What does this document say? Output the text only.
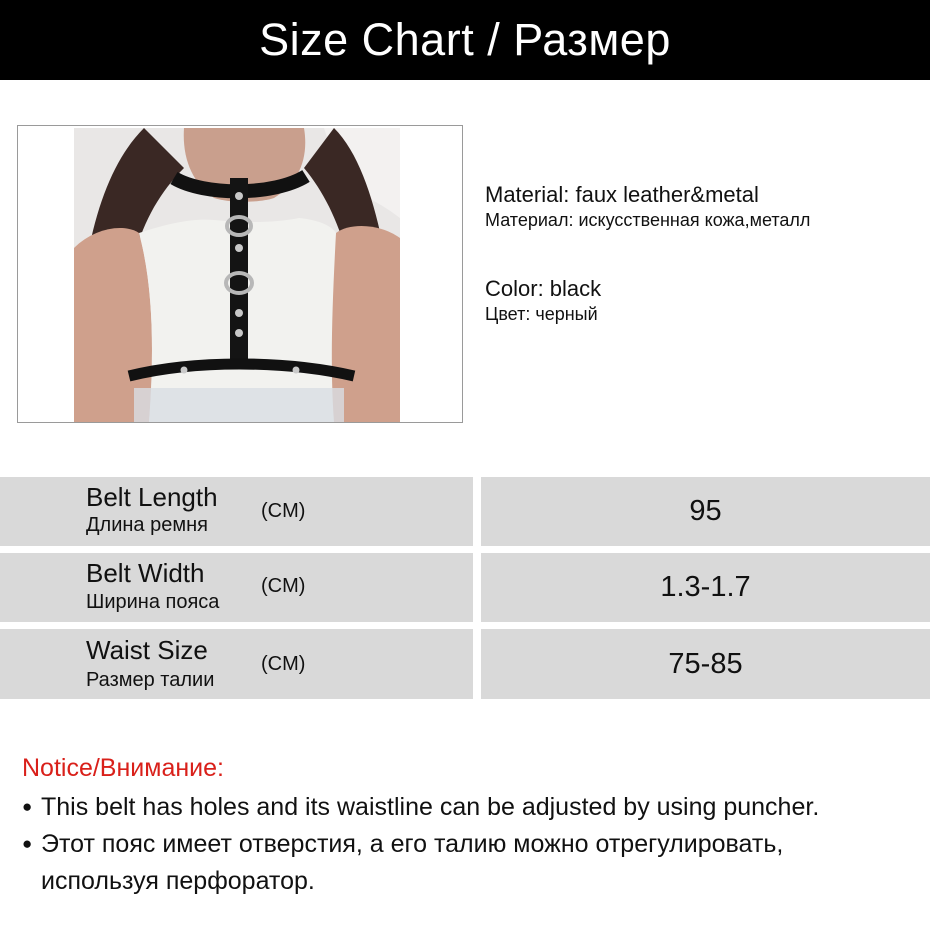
Size Chart / Размер
Material: faux leather&metal
Материал: искусственная кожа,металл
Color: black
Цвет: черный
Belt Length
Длина ремня
(CM)	95
Belt Width
Ширина пояса
(CM)	1.3-1.7
Waist Size
Размер талии
(CM)	75-85
Notice/Внимание:
● This belt has holes and its waistline can be adjusted by using puncher.
● Этот пояс имеет отверстия, а его талию можно отрегулировать,
используя перфоратор.
